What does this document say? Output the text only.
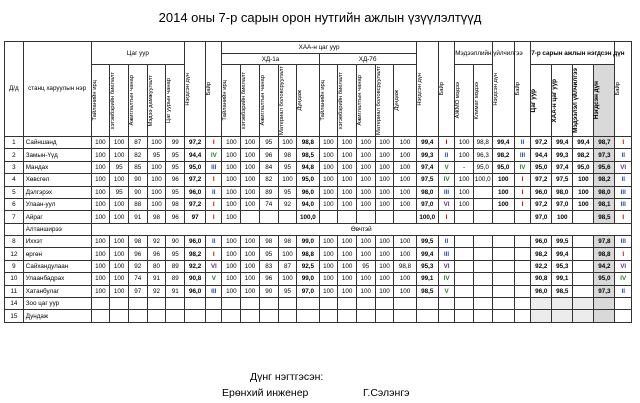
2014 оны 7-р сарын орон нутгийн ажлын үзүүлэлтүүд
Д/д	станц харуулын нэр	Цаг уур					Нэгдсэн дүн	Байр	ХАА-н цаг уур										Нэгдсэн дүн	Байр	Мэдээллийн үйлчилгээ		Нэгдсэн дүн	Байр	7-р сарын ажлын нэгдсэн дүн				Байр

									ХД-1а					ХД-7б															

		Тайланийн ирц	хэтэвбэрийн биелалт	Ажиглалтын чанар	Мэдээ дамжуулалт	Цаг уурын чанар			Тайланийн ирц	хэтэвбэрийн биелалт	Ажиглалтын чанар	Материал боловсруулалт	Дүндаж	Тайланийн ирц	хэтэвбэрийн биелалт	Ажиглалтын чанар	Материал боловсруулалт	Дүндаж			АЖМО мэдээ	Климат мэдээ			Цаг уур	ХАА-н цаг уур	Мэдээлэл үйлчилгээ	Нэгдсэн дүн	

1	Сайншанд	100	100	87	100	99	97,2	I	100	100	95	100	98,8	100	100	100	100	100	99,4	I	100	98,8	99,4	II	97,2	99,4	99,4	98,7	I
2	Замын-Үүд	100	100	82	95	95	94,4	IV	100	100	96	98	98,5	100	100	100	100	100	99,3	II	100	96,3	98,2	III	94,4	99,3	98,2	97,3	II
3	Мандах	100	95	85	100	95	95,0	III	100	100	84	95	94,8	100	100	100	100	100	97,4	V	-	95,0	95,0	IV	95,0	97,4	95,0	95,6	VI
4	Хөвсгөл	100	100	90	100	96	97,2	I	100	100	82	100	95,0	100	100	100	100	100	97,5	IV	100	100,0	100	I	97,2	97,5	100	98,2	II
5	Дэлгэрэх	100	95	90	100	95	96,0	II	100	100	89	95	96,0	100	100	100	100	100	98,0	III	100		100	I	96,0	98,0	100	98,0	III
6	Улаан-уул	100	100	88	100	98	97,2	I	100	100	74	92	94,0	100	100	100	100	100	97,0	VI	100		100	I	97,2	97,0	100	98,1	III
7	Айраг	100	100	91	98	96	97	I	100				100,0						100,0	I					97,0	100		98,5	I
	Алтанширээ	Өвчтэй																											
8	Иххэт	100	100	98	92	90	96,0	II	100	100	98	98	99,0	100	100	100	100	100	99,5	II					96,0	99,5		97,8	III
12	өргөн	100	100	96	96	95	98,2	I	100	100	95	100	98,8	100	100	100	100	100	99,4	III					98,2	99,4		98,8	I
9	Сайхандулаан	100	100	92	80	89	92,2	VI	100	100	83	87	92,5	100	100	95	100	98,8	95,3	VI					92,2	95,3		94,2	VI
10	Улаанбадрах	100	100	74	91	89	90,8	V	100	100	96	100	99,0	100	100	100	100	100	99,1	IV					90,8	99,1		95,0	IV
11	Хатанбулаг	100	100	97	92	91	96,0	III	100	100	90	95	97,0	100	100	100	100	100	98,5	V					96,0	98,5		97,3	II
14	Зоо цаг уур																												
15	Дундаж																												
Дүнг нэгтгэсэн:
Ерөнхий инженер	Г.Сэлэнгэ
